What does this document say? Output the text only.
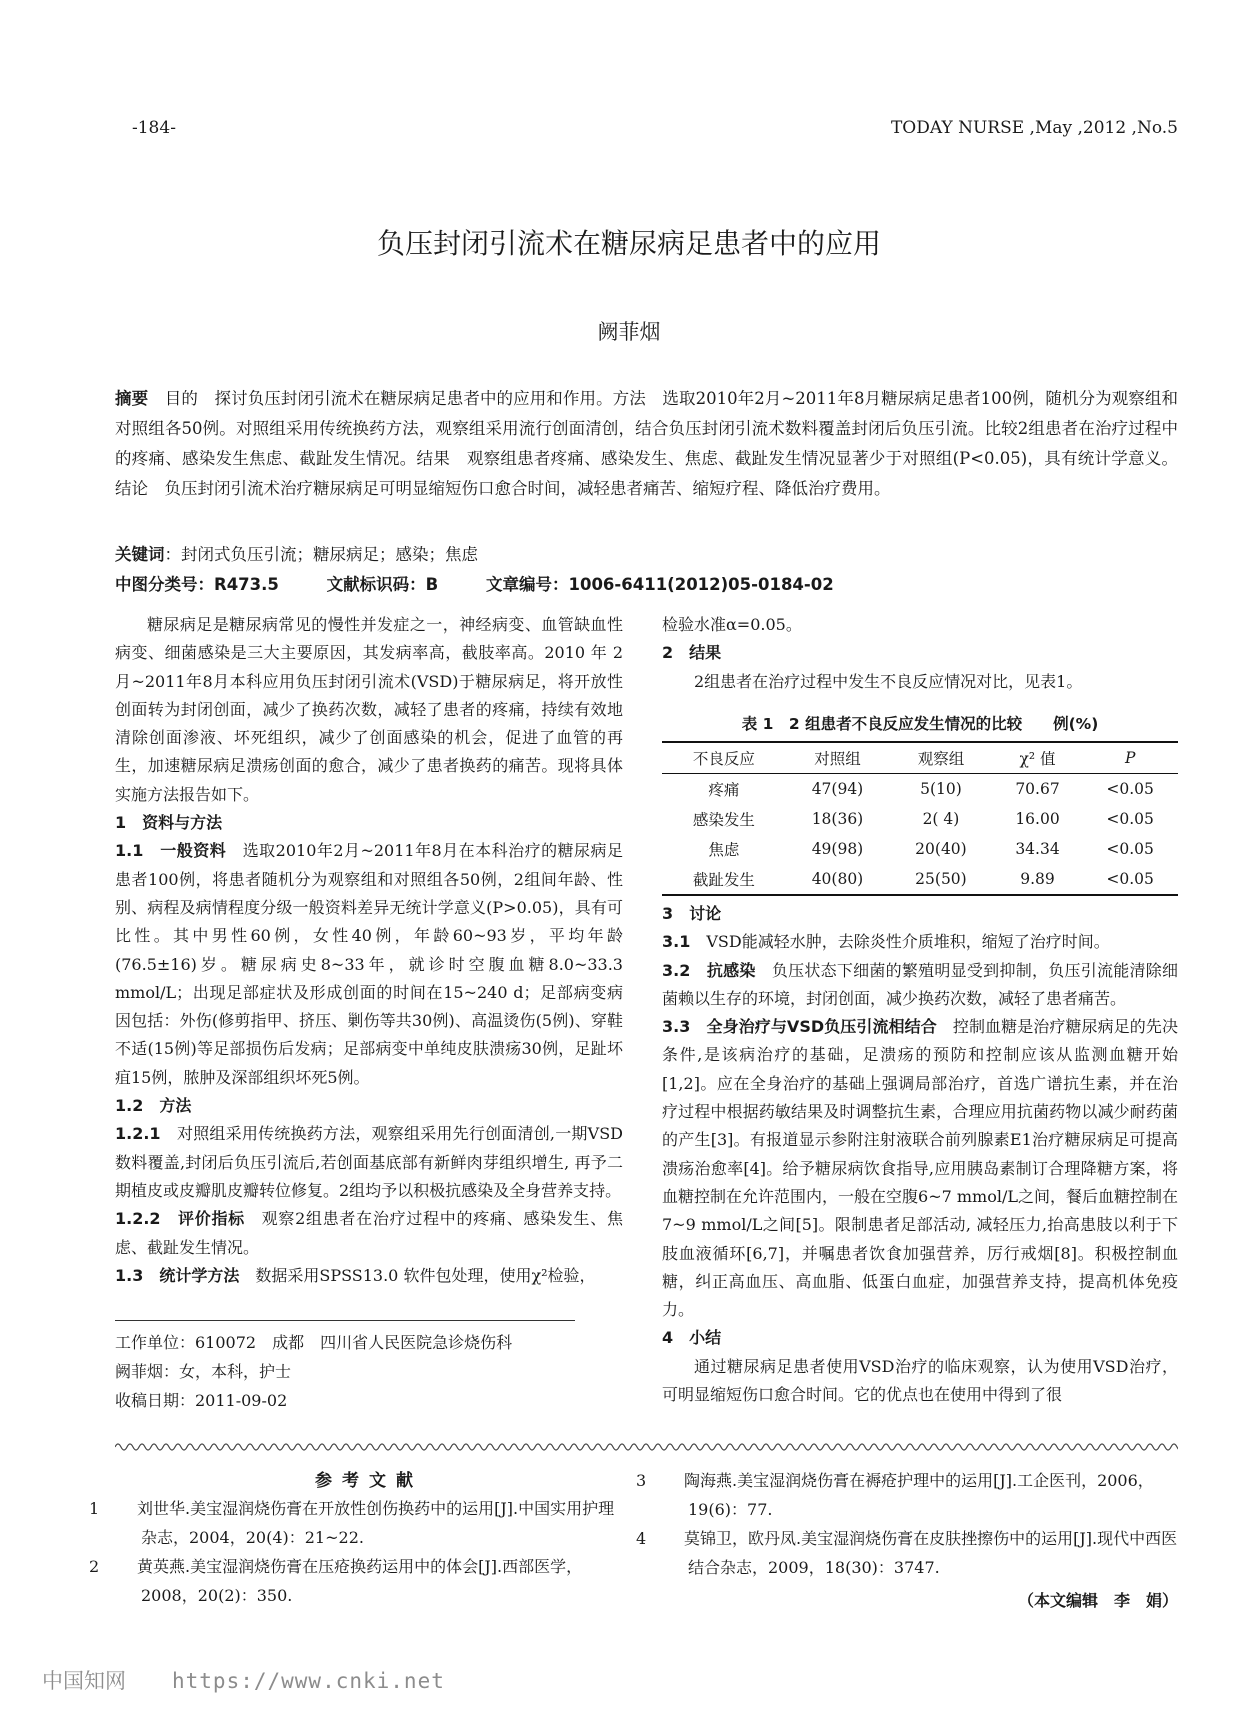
-184-	TODAY NURSE ,May ,2012 ,No.5
负压封闭引流术在糖尿病足患者中的应用
阙菲烟
摘要　 目的　探讨负压封闭引流术在糖尿病足患者中的应用和作用。方法　选取2010年2月~2011年8月糖尿病足患者100例，随机分为观察组和对照组各50例。对照组采用传统换药方法，观察组采用流行创面清创，结合负压封闭引流术数料覆盖封闭后负压引流。比较2组患者在治疗过程中的疼痛、感染发生焦虑、截趾发生情况。结果　观察组患者疼痛、感染发生、焦虑、截趾发生情况显著少于对照组(P<0.05)，具有统计学意义。结论　负压封闭引流术治疗糖尿病足可明显缩短伤口愈合时间，减轻患者痛苦、缩短疗程、降低治疗费用。
关键词：封闭式负压引流；糖尿病足；感染；焦虑
中图分类号：R473.5	文献标识码：B	文章编号：1006-6411(2012)05-0184-02

糖尿病足是糖尿病常见的慢性并发症之一，神经病变、血管缺血性病变、细菌感染是三大主要原因，其发病率高，截肢率高。2010 年 2 月~2011年8月本科应用负压封闭引流术(VSD)于糖尿病足，将开放性创面转为封闭创面，减少了换药次数，减轻了患者的疼痛，持续有效地清除创面渗液、坏死组织，减少了创面感染的机会，促进了血管的再生，加速糖尿病足溃疡创面的愈合，减少了患者换药的痛苦。现将具体实施方法报告如下。

1　资料与方法

1.1　一般资料　选取2010年2月~2011年8月在本科治疗的糖尿病足患者100例，将患者随机分为观察组和对照组各50例，2组间年龄、性别、病程及病情程度分级一般资料差异无统计学意义(P>0.05)，具有可比性。其中男性60例，女性40例，年龄60~93岁，平均年龄(76.5±16)岁。糖尿病史8~33年，就诊时空腹血糖8.0~33.3 mmol/L；出现足部症状及形成创面的时间在15~240 d；足部病变病因包括：外伤(修剪指甲、挤压、剿伤等共30例)、高温烫伤(5例)、穿鞋不适(15例)等足部损伤后发病；足部病变中单纯皮肤溃疡30例，足趾坏疽15例，脓肿及深部组织坏死5例。

1.2　方法

1.2.1　对照组采用传统换药方法，观察组采用先行创面清创,一期VSD数料覆盖,封闭后负压引流后,若创面基底部有新鲜肉芽组织增生, 再予二期植皮或皮瓣肌皮瓣转位修复。2组均予以积极抗感染及全身营养支持。

1.2.2　评价指标　观察2组患者在治疗过程中的疼痛、感染发生、焦虑、截趾发生情况。

1.3　统计学方法　数据采用SPSS13.0 软件包处理，使用χ²检验，

检验水准α=0.05。

2　结果

2组患者在治疗过程中发生不良反应情况对比，见表1。

表 1　2 组患者不良反应发生情况的比较　　例(%)
不良反应	对照组	观察组	χ² 值	P
疼痛	47(94)	5(10)	70.67	<0.05
感染发生	18(36)	2( 4)	16.00	<0.05
焦虑	49(98)	20(40)	34.34	<0.05
截趾发生	40(80)	25(50)	9.89	<0.05

3　讨论

3.1　VSD能减轻水肿，去除炎性介质堆积，缩短了治疗时间。

3.2　抗感染　负压状态下细菌的繁殖明显受到抑制，负压引流能清除细菌赖以生存的环境，封闭创面，减少换药次数，减轻了患者痛苦。

3.3　全身治疗与VSD负压引流相结合　控制血糖是治疗糖尿病足的先决条件,是该病治疗的基础，足溃疡的预防和控制应该从监测血糖开始[1,2]。应在全身治疗的基础上强调局部治疗，首选广谱抗生素，并在治疗过程中根据药敏结果及时调整抗生素，合理应用抗菌药物以减少耐药菌的产生[3]。有报道显示参附注射液联合前列腺素E1治疗糖尿病足可提高溃疡治愈率[4]。给予糖尿病饮食指导,应用胰岛素制订合理降糖方案，将血糖控制在允许范围内，一般在空腹6~7 mmol/L之间，餐后血糖控制在7~9 mmol/L之间[5]。限制患者足部活动, 减轻压力,抬高患肢以利于下肢血液循环[6,7]，并嘱患者饮食加强营养，厉行戒烟[8]。积极控制血糖，纠正高血压、高血脂、低蛋白血症，加强营养支持，提高机体免疫力。

4　小结

通过糖尿病足患者使用VSD治疗的临床观察，认为使用VSD治疗，可明显缩短伤口愈合时间。它的优点也在使用中得到了很

工作单位：610072　成都　四川省人民医院急诊烧伤科
阙菲烟：女，本科，护士
收稿日期：2011-09-02
参考文献
1 刘世华.美宝湿润烧伤膏在开放性创伤换药中的运用[J].中国实用护理杂志，2004，20(4)：21~22.
2 黄英燕.美宝湿润烧伤膏在压疮换药运用中的体会[J].西部医学，2008，20(2)：350.
3 陶海燕.美宝湿润烧伤膏在褥疮护理中的运用[J].工企医刊，2006，19(6)：77.
4 莫锦卫，欧丹凤.美宝湿润烧伤膏在皮肤挫擦伤中的运用[J].现代中西医结合杂志，2009，18(30)：3747.
（本文编辑　李　娟）
中国知网 https://www.cnki.net
